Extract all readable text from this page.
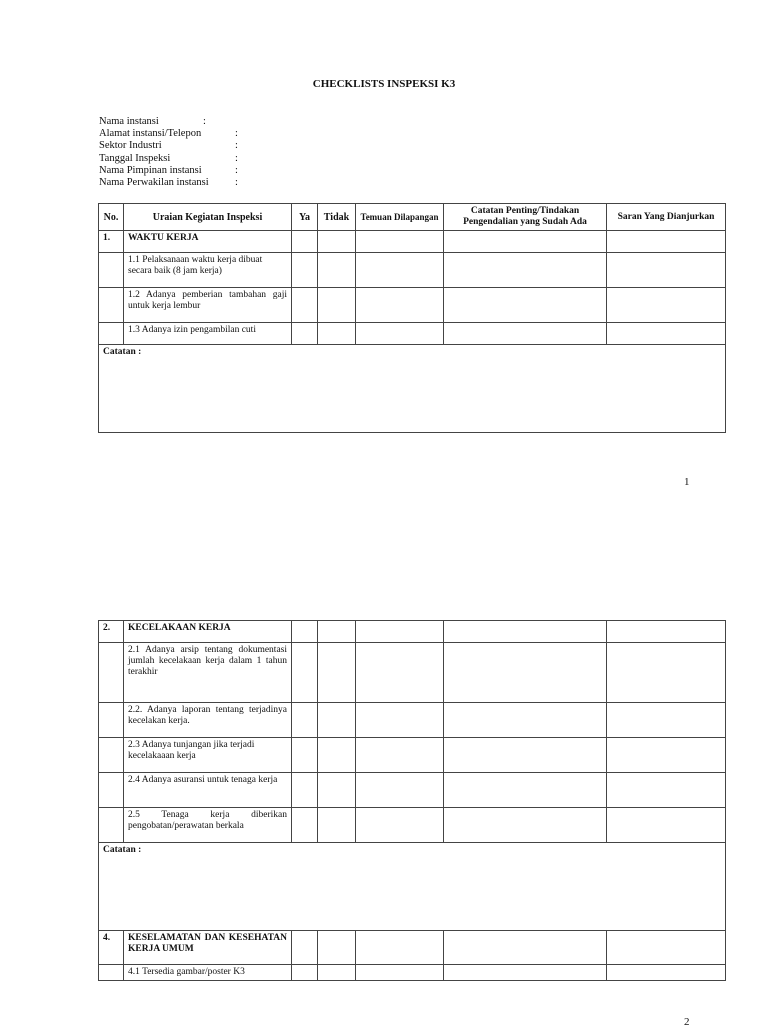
CHECKLISTS INSPEKSI K3
Nama instansi	:
Alamat instansi/Telepon	:
Sektor Industri	:
Tanggal Inspeksi	:
Nama Pimpinan instansi	:
Nama Perwakilan instansi	:
No.	Uraian Kegiatan Inspeksi	Ya	Tidak	Temuan Dilapangan	Catatan Penting/Tindakan Pengendalian yang Sudah Ada	Saran Yang Dianjurkan
1.	WAKTU KERJA					
	1.1 Pelaksanaan waktu kerja dibuat secara baik (8 jam kerja)					
	1.2 Adanya pemberian tambahan gaji untuk kerja lembur					
	1.3 Adanya izin pengambilan cuti					
Catatan :						
1
2.	KECELAKAAN KERJA					
	2.1 Adanya arsip tentang dokumentasi jumlah kecelakaan kerja dalam 1 tahun terakhir					
	2.2. Adanya laporan tentang terjadinya kecelakan kerja.					
	2.3 Adanya tunjangan jika terjadi kecelakaaan kerja					
	2.4 Adanya asuransi untuk tenaga kerja					
	2.5 Tenaga kerja diberikan pengobatan/perawatan berkala					
Catatan :						
4.	KESELAMATAN DAN KESEHATAN KERJA UMUM					
	4.1 Tersedia gambar/poster K3					
2
